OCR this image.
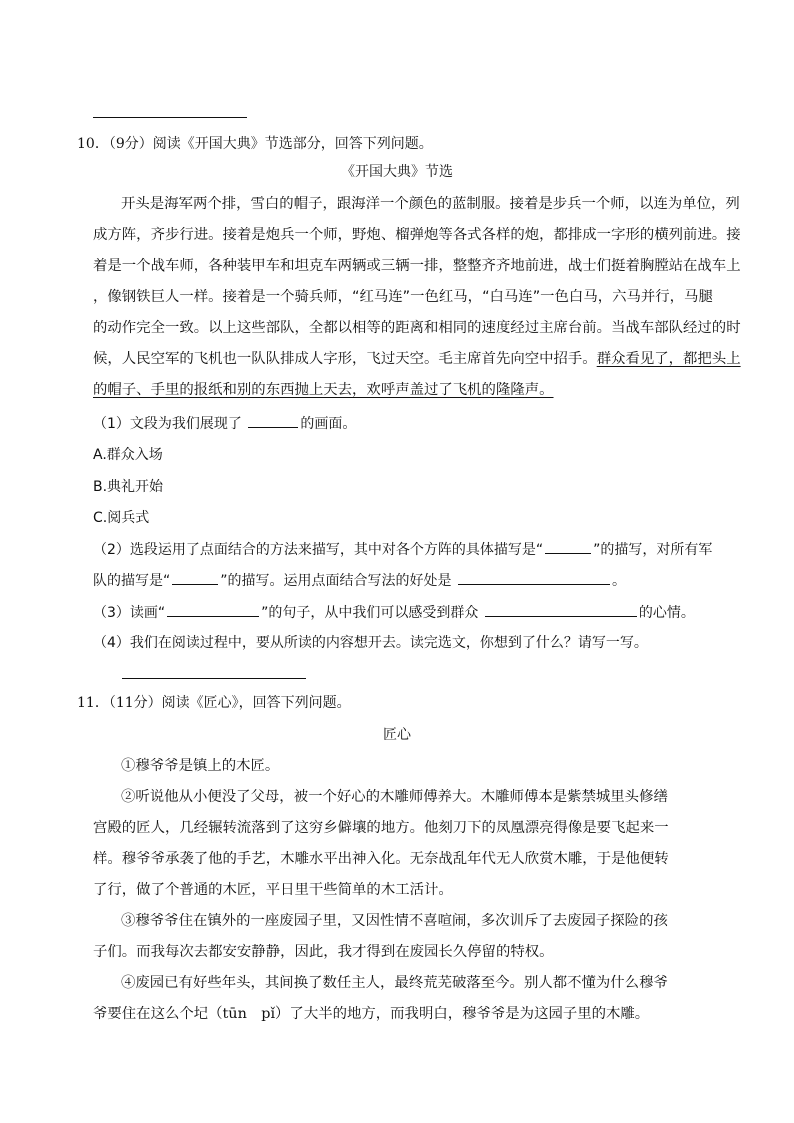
10．（9分）阅读《开国大典》节选部分，回答下列问题。
《开国大典》节选
开头是海军两个排，雪白的帽子，跟海洋一个颜色的蓝制服。接着是步兵一个师，以连为单位，列
成方阵，齐步行进。接着是炮兵一个师，野炮、榴弹炮等各式各样的炮，都排成一字形的横列前进。接
着是一个战车师，各种装甲车和坦克车两辆或三辆一排，整整齐齐地前进，战士们挺着胸膛站在战车上
，像钢铁巨人一样。接着是一个骑兵师，“红马连”一色红马，“白马连”一色白马，六马并行，马腿
的动作完全一致。以上这些部队，全都以相等的距离和相同的速度经过主席台前。当战车部队经过的时
候，人民空军的飞机也一队队排成人字形，飞过天空。毛主席首先向空中招手。群众看见了，都把头上
的帽子、手里的报纸和别的东西抛上天去，欢呼声盖过了飞机的隆隆声。
（1）文段为我们展现了	的画面。
A.群众入场
B.典礼开始
C.阅兵式
（2）选段运用了点面结合的方法来描写，其中对各个方阵的具体描写是“	”的描写，对所有军
队的描写是“	”的描写。运用点面结合写法的好处是	。
（3）读画“	”的句子，从中我们可以感受到群众	的心情。
（4）我们在阅读过程中，要从所读的内容想开去。读完选文，你想到了什么？请写一写。
11．（11分）阅读《匠心》，回答下列问题。
匠心
①穆爷爷是镇上的木匠。
②听说他从小便没了父母，被一个好心的木雕师傅养大。木雕师傅本是紫禁城里头修缮
宫殿的匠人，几经辗转流落到了这穷乡僻壤的地方。他刻刀下的凤凰漂亮得像是要飞起来一
样。穆爷爷承袭了他的手艺，木雕水平出神入化。无奈战乱年代无人欣赏木雕，于是他便转
了行，做了个普通的木匠，平日里干些简单的木工活计。
③穆爷爷住在镇外的一座废园子里，又因性情不喜喧闹，多次训斥了去废园子探险的孩
子们。而我每次去都安安静静，因此，我才得到在废园长久停留的特权。
④废园已有好些年头，其间换了数任主人，最终荒芜破落至今。别人都不懂为什么穆爷
爷要住在这么个圮（tūn　pǐ）了大半的地方，而我明白，穆爷爷是为这园子里的木雕。
